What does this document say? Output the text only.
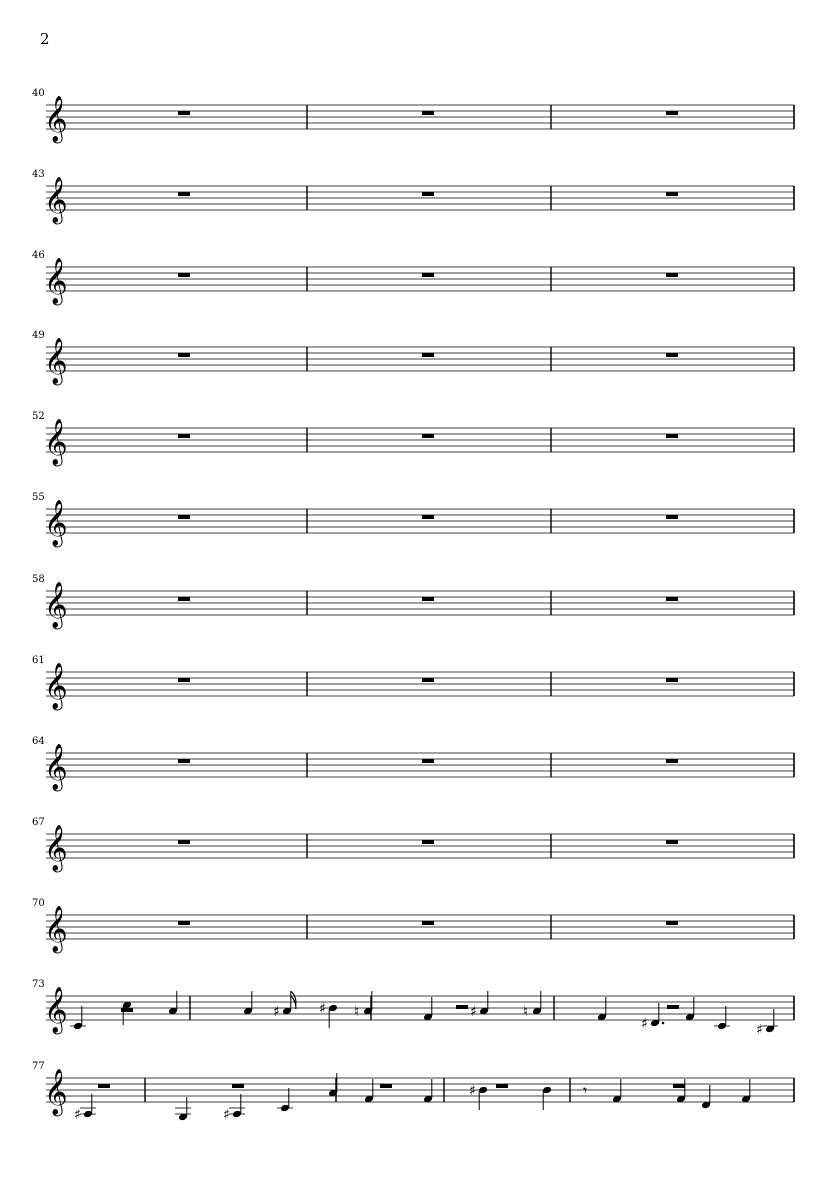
2
40
𝄞
43
𝄞
46
𝄞
49
𝄞
52
𝄞
55
𝄞
58
𝄞
61
𝄞
64
𝄞
67
𝄞
70
𝄞
73
𝄞	♯	♯ ♮	♯	♮
♯	♯
77
𝄞 ♯	♯
♯	𝄾
